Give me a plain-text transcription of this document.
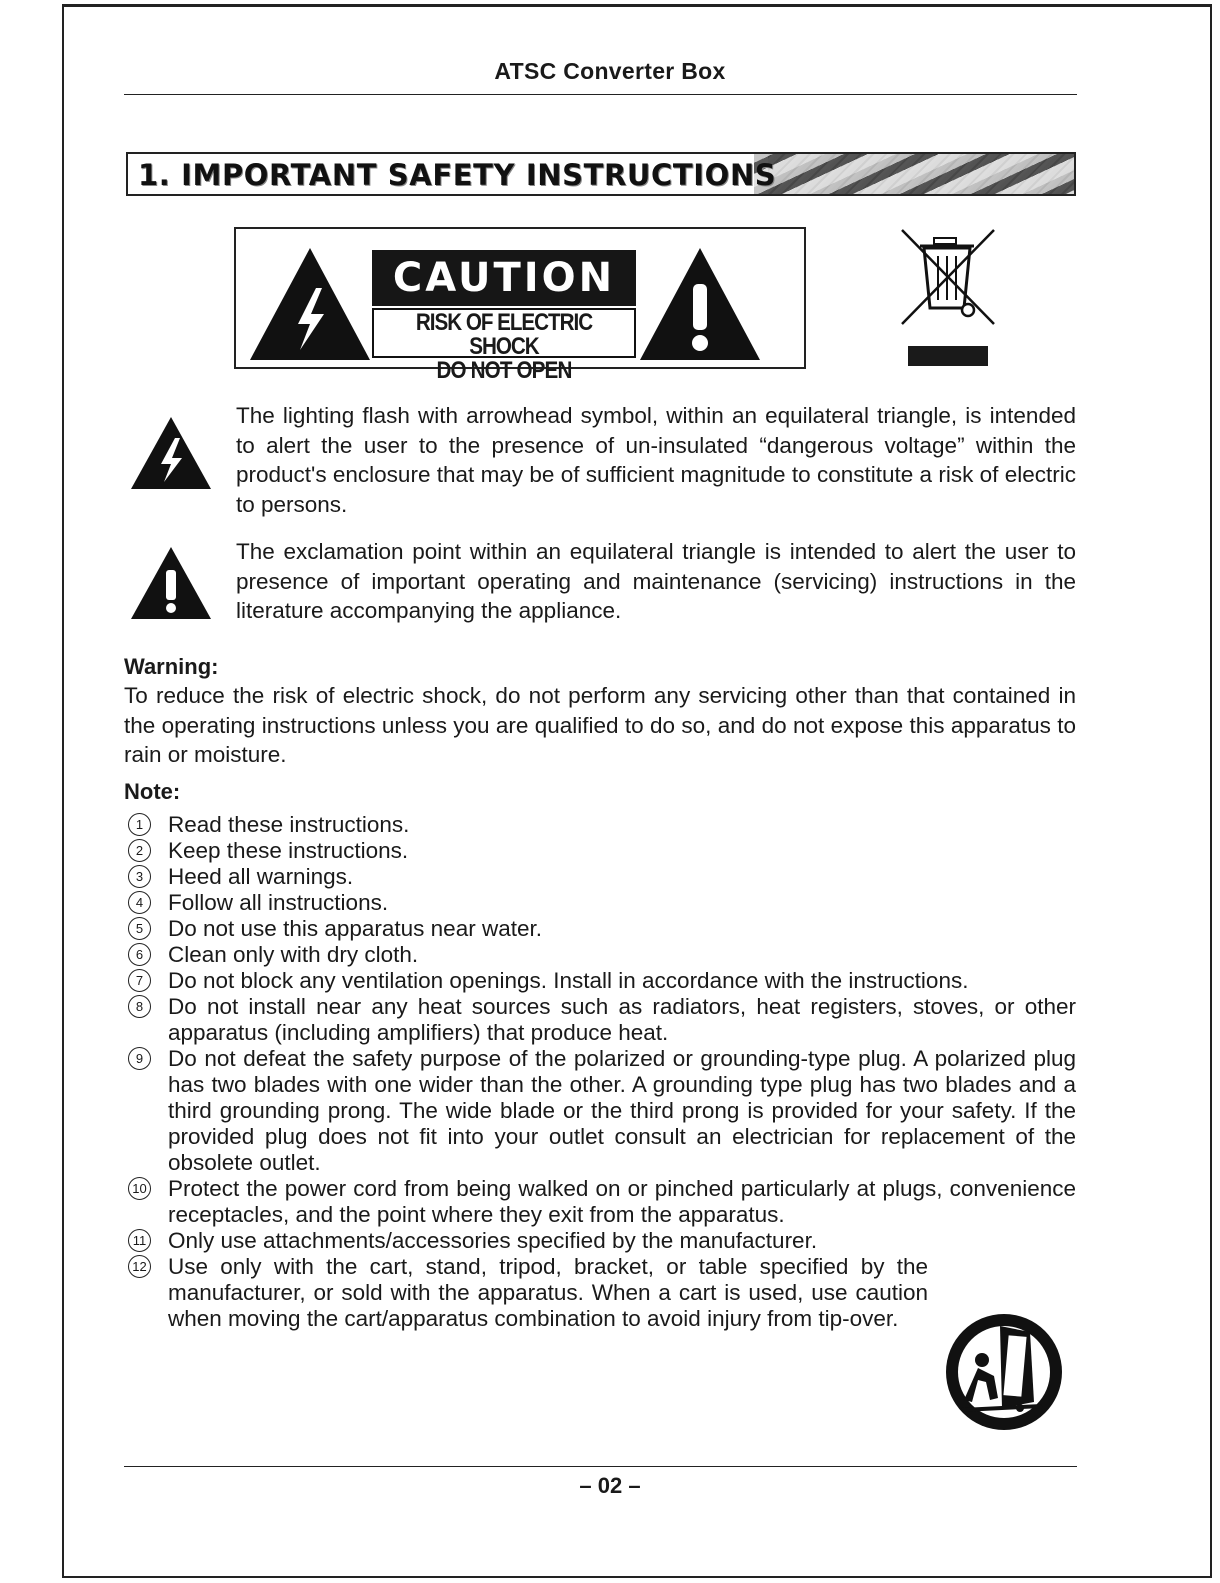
ATSC Converter Box
1. IMPORTANT SAFETY INSTRUCTIONS
CAUTION
RISK OF ELECTRIC SHOCK
DO NOT OPEN
The lighting flash with arrowhead symbol, within an equilateral triangle, is intended to alert the user to the presence of un-insulated “dangerous voltage” within the product's enclosure that may be of sufficient magnitude to constitute a risk of electric to persons.
The exclamation point within an equilateral triangle is intended to alert the user to presence of important operating and maintenance (servicing) instructions in the literature accompanying the appliance.
Warning:
To reduce the risk of electric shock, do not perform any servicing other than that contained in the operating instructions unless you are qualified to do so, and do not expose this apparatus to rain or moisture.
Note:
1	Read these instructions.
2	Keep these instructions.
3	Heed all warnings.
4	Follow all instructions.
5	Do not use this apparatus near water.
6	Clean only with dry cloth.
7	Do not block any ventilation openings. Install in accordance with the instructions.
8	Do not install near any heat sources such as radiators, heat registers, stoves, or other apparatus (including amplifiers) that produce heat.
9	Do not defeat the safety purpose of the polarized or grounding-type plug. A polarized plug has two blades with one wider than the other. A grounding type plug has two blades and a third grounding prong. The wide blade or the third prong is provided for your safety. If the provided plug does not fit into your outlet consult an electrician for replacement of the obsolete outlet.
10 Protect the power cord from being walked on or pinched particularly at plugs, convenience receptacles, and the point where they exit from the apparatus.
11 Only use attachments/accessories specified by the manufacturer.
12 Use only with the cart, stand, tripod, bracket, or table specified by the manufacturer, or sold with the apparatus. When a cart is used, use caution when moving the cart/apparatus combination to avoid injury from tip-over.
– 02 –
